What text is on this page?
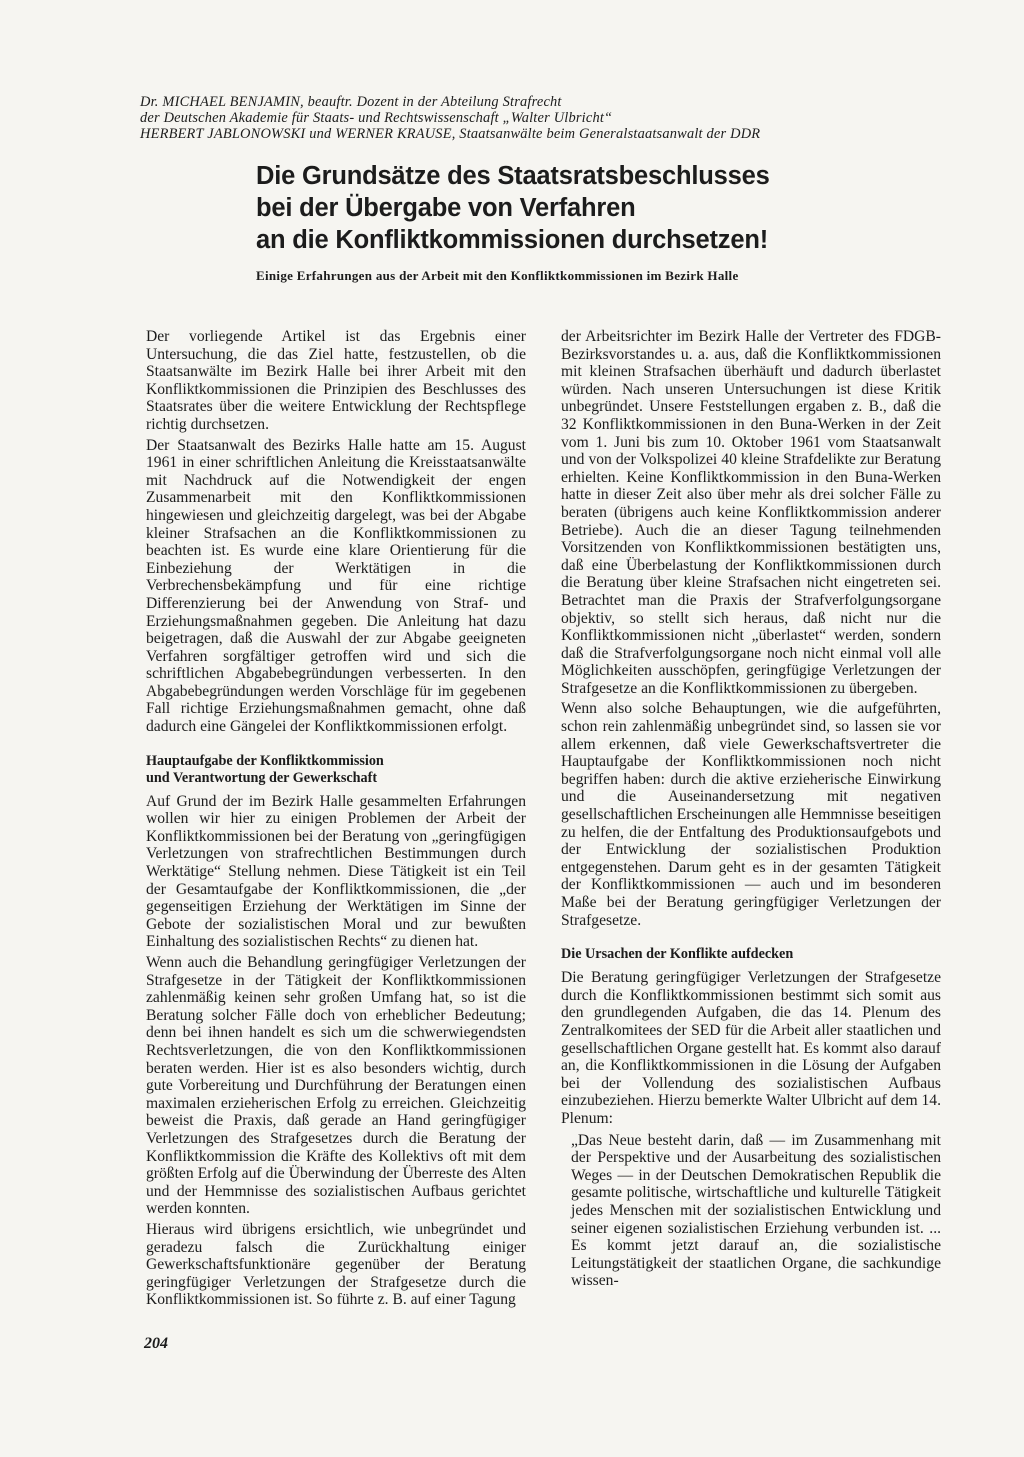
Dr. MICHAEL BENJAMIN, beauftr. Dozent in der Abteilung Strafrecht
der Deutschen Akademie für Staats- und Rechtswissenschaft „Walter Ulbricht“
HERBERT JABLONOWSKI und WERNER KRAUSE, Staatsanwälte beim Generalstaatsanwalt der DDR
Die Grundsätze des Staatsratsbeschlusses
bei der Übergabe von Verfahren
an die Konfliktkommissionen durchsetzen!
Einige Erfahrungen aus der Arbeit mit den Konfliktkommissionen im Bezirk Halle

Der vorliegende Artikel ist das Ergebnis einer Untersuchung, die das Ziel hatte, festzustellen, ob die Staatsanwälte im Bezirk Halle bei ihrer Arbeit mit den Konfliktkommissionen die Prinzipien des Beschlusses des Staatsrates über die weitere Entwicklung der Rechtspflege richtig durchsetzen.

Der Staatsanwalt des Bezirks Halle hatte am 15. August 1961 in einer schriftlichen Anleitung die Kreisstaatsanwälte mit Nachdruck auf die Notwendigkeit der engen Zusammenarbeit mit den Konfliktkommissionen hingewiesen und gleichzeitig dargelegt, was bei der Abgabe kleiner Strafsachen an die Konfliktkommissionen zu beachten ist. Es wurde eine klare Orientierung für die Einbeziehung der Werktätigen in die Verbrechensbekämpfung und für eine richtige Differenzierung bei der Anwendung von Straf- und Erziehungsmaßnahmen gegeben. Die Anleitung hat dazu beigetragen, daß die Auswahl der zur Abgabe geeigneten Verfahren sorgfältiger getroffen wird und sich die schriftlichen Abgabebegründungen verbesserten. In den Abgabebegründungen werden Vorschläge für im gegebenen Fall richtige Erziehungsmaßnahmen gemacht, ohne daß dadurch eine Gängelei der Konfliktkommissionen erfolgt.

Hauptaufgabe der Konfliktkommission
und Verantwortung der Gewerkschaft

Auf Grund der im Bezirk Halle gesammelten Erfahrungen wollen wir hier zu einigen Problemen der Arbeit der Konfliktkommissionen bei der Beratung von „geringfügigen Verletzungen von strafrechtlichen Bestimmungen durch Werktätige“ Stellung nehmen. Diese Tätigkeit ist ein Teil der Gesamtaufgabe der Konfliktkommissionen, die „der gegenseitigen Erziehung der Werktätigen im Sinne der Gebote der sozialistischen Moral und zur bewußten Einhaltung des sozialistischen Rechts“ zu dienen hat.

Wenn auch die Behandlung geringfügiger Verletzungen der Strafgesetze in der Tätigkeit der Konfliktkommissionen zahlenmäßig keinen sehr großen Umfang hat, so ist die Beratung solcher Fälle doch von erheblicher Bedeutung; denn bei ihnen handelt es sich um die schwerwiegendsten Rechtsverletzungen, die von den Konfliktkommissionen beraten werden. Hier ist es also besonders wichtig, durch gute Vorbereitung und Durchführung der Beratungen einen maximalen erzieherischen Erfolg zu erreichen. Gleichzeitig beweist die Praxis, daß gerade an Hand geringfügiger Verletzungen des Strafgesetzes durch die Beratung der Konfliktkommission die Kräfte des Kollektivs oft mit dem größten Erfolg auf die Überwindung der Überreste des Alten und der Hemmnisse des sozialistischen Aufbaus gerichtet werden konnten.

Hieraus wird übrigens ersichtlich, wie unbegründet und geradezu falsch die Zurückhaltung einiger Gewerkschaftsfunktionäre gegenüber der Beratung geringfügiger Verletzungen der Strafgesetze durch die Konfliktkommissionen ist. So führte z. B. auf einer Tagung

der Arbeitsrichter im Bezirk Halle der Vertreter des FDGB-Bezirksvorstandes u. a. aus, daß die Konfliktkommissionen mit kleinen Strafsachen überhäuft und dadurch überlastet würden. Nach unseren Untersuchungen ist diese Kritik unbegründet. Unsere Feststellungen ergaben z. B., daß die 32 Konfliktkommissionen in den Buna-Werken in der Zeit vom 1. Juni bis zum 10. Oktober 1961 vom Staatsanwalt und von der Volkspolizei 40 kleine Strafdelikte zur Beratung erhielten. Keine Konfliktkommission in den Buna-Werken hatte in dieser Zeit also über mehr als drei solcher Fälle zu beraten (übrigens auch keine Konfliktkommission anderer Betriebe). Auch die an dieser Tagung teilnehmenden Vorsitzenden von Konfliktkommissionen bestätigten uns, daß eine Überbelastung der Konfliktkommissionen durch die Beratung über kleine Strafsachen nicht eingetreten sei. Betrachtet man die Praxis der Strafverfolgungsorgane objektiv, so stellt sich heraus, daß nicht nur die Konfliktkommissionen nicht „überlastet“ werden, sondern daß die Strafverfolgungsorgane noch nicht einmal voll alle Möglichkeiten ausschöpfen, geringfügige Verletzungen der Strafgesetze an die Konfliktkommissionen zu übergeben.

Wenn also solche Behauptungen, wie die aufgeführten, schon rein zahlenmäßig unbegründet sind, so lassen sie vor allem erkennen, daß viele Gewerkschaftsvertreter die Hauptaufgabe der Konfliktkommissionen noch nicht begriffen haben: durch die aktive erzieherische Einwirkung und die Auseinandersetzung mit negativen gesellschaftlichen Erscheinungen alle Hemmnisse beseitigen zu helfen, die der Entfaltung des Produktionsaufgebots und der Entwicklung der sozialistischen Produktion entgegenstehen. Darum geht es in der gesamten Tätigkeit der Konfliktkommissionen — auch und im besonderen Maße bei der Beratung geringfügiger Verletzungen der Strafgesetze.

Die Ursachen der Konflikte aufdecken

Die Beratung geringfügiger Verletzungen der Strafgesetze durch die Konfliktkommissionen bestimmt sich somit aus den grundlegenden Aufgaben, die das 14. Plenum des Zentralkomitees der SED für die Arbeit aller staatlichen und gesellschaftlichen Organe gestellt hat. Es kommt also darauf an, die Konfliktkommissionen in die Lösung der Aufgaben bei der Vollendung des sozialistischen Aufbaus einzubeziehen. Hierzu bemerkte Walter Ulbricht auf dem 14. Plenum:

„Das Neue besteht darin, daß — im Zusammenhang mit der Perspektive und der Ausarbeitung des sozialistischen Weges — in der Deutschen Demokratischen Republik die gesamte politische, wirtschaftliche und kulturelle Tätigkeit jedes Menschen mit der sozialistischen Entwicklung und seiner eigenen sozialistischen Erziehung verbunden ist. ... Es kommt jetzt darauf an, die sozialistische Leitungstätigkeit der staatlichen Organe, die sachkundige wissen-

204
